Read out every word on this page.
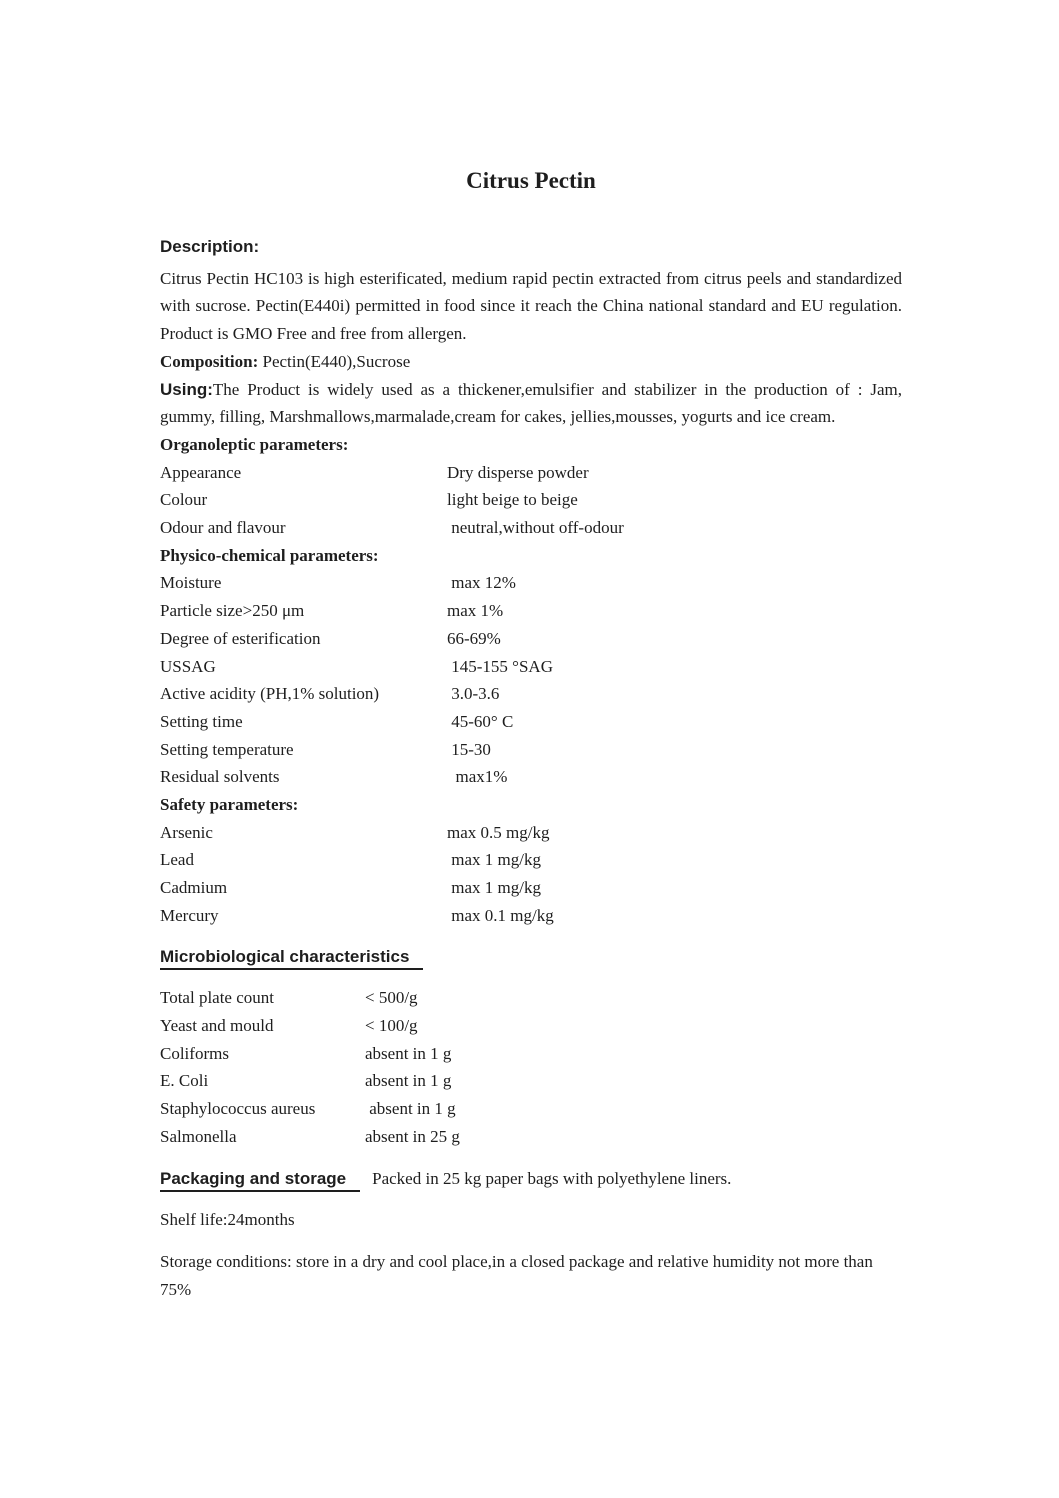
Citrus Pectin
Description:

Citrus Pectin HC103 is high esterificated, medium rapid pectin extracted from citrus peels and standardized with sucrose. Pectin(E440i) permitted in food since it reach the China national standard and EU regulation. Product is GMO Free and free from allergen.

Composition: Pectin(E440),Sucrose

Using:The Product is widely used as a thickener,emulsifier and stabilizer in the production of : Jam, gummy, filling, Marshmallows,marmalade,cream for cakes, jellies,mousses, yogurts and ice cream.

Organoleptic parameters:
Appearance	Dry disperse powder
Colour	light beige to beige
Odour and flavour	neutral,without off-odour
Physico-chemical parameters:
Moisture	max 12%
Particle size>250 μm	max 1%
Degree of esterification	66-69%
USSAG	145-155 °SAG
Active acidity (PH,1% solution)	3.0-3.6
Setting time	45-60° C
Setting temperature	15-30
Residual solvents	max1%
Safety parameters:
Arsenic	max 0.5 mg/kg
Lead	max 1 mg/kg
Cadmium	max 1 mg/kg
Mercury	max 0.1 mg/kg
Microbiological characteristics
Total plate count	< 500/g
Yeast and mould	< 100/g
Coliforms	absent in 1 g
E. Coli	absent in 1 g
Staphylococcus aureus	absent in 1 g
Salmonella	absent in 25 g
Packaging and storage Packed in 25 kg paper bags with polyethylene liners.
Shelf life:24months

Storage conditions: store in a dry and cool place,in a closed package and relative humidity not more than 75%
